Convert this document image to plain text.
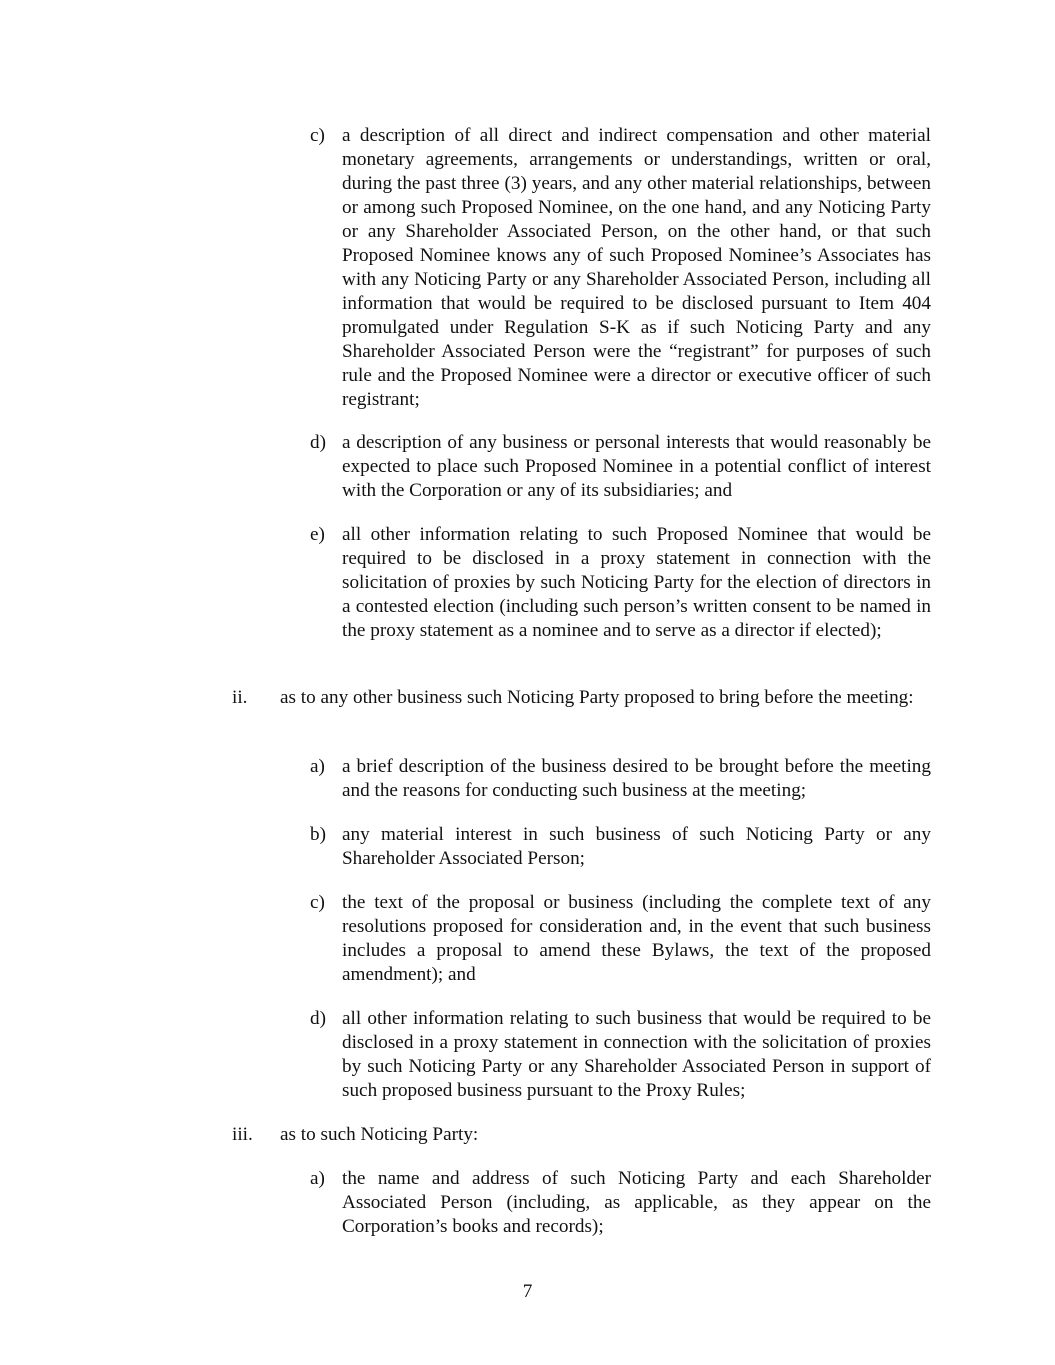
c) a description of all direct and indirect compensation and other material monetary agreements, arrangements or understandings, written or oral, during the past three (3) years, and any other material relationships, between or among such Proposed Nominee, on the one hand, and any Noticing Party or any Shareholder Associated Person, on the other hand, or that such Proposed Nominee knows any of such Proposed Nominee’s Associates has with any Noticing Party or any Shareholder Associated Person, including all information that would be required to be disclosed pursuant to Item 404 promulgated under Regulation S-K as if such Noticing Party and any Shareholder Associated Person were the “registrant” for purposes of such rule and the Proposed Nominee were a director or executive officer of such registrant;
d) a description of any business or personal interests that would reasonably be expected to place such Proposed Nominee in a potential conflict of interest with the Corporation or any of its subsidiaries; and
e) all other information relating to such Proposed Nominee that would be required to be disclosed in a proxy statement in connection with the solicitation of proxies by such Noticing Party for the election of directors in a contested election (including such person’s written consent to be named in the proxy statement as a nominee and to serve as a director if elected);
ii. as to any other business such Noticing Party proposed to bring before the meeting:
a) a brief description of the business desired to be brought before the meeting and the reasons for conducting such business at the meeting;
b) any material interest in such business of such Noticing Party or any Shareholder Associated Person;
c) the text of the proposal or business (including the complete text of any resolutions proposed for consideration and, in the event that such business includes a proposal to amend these Bylaws, the text of the proposed amendment); and
d) all other information relating to such business that would be required to be disclosed in a proxy statement in connection with the solicitation of proxies by such Noticing Party or any Shareholder Associated Person in support of such proposed business pursuant to the Proxy Rules;
iii. as to such Noticing Party:
a) the name and address of such Noticing Party and each Shareholder Associated Person (including, as applicable, as they appear on the Corporation’s books and records);
7
